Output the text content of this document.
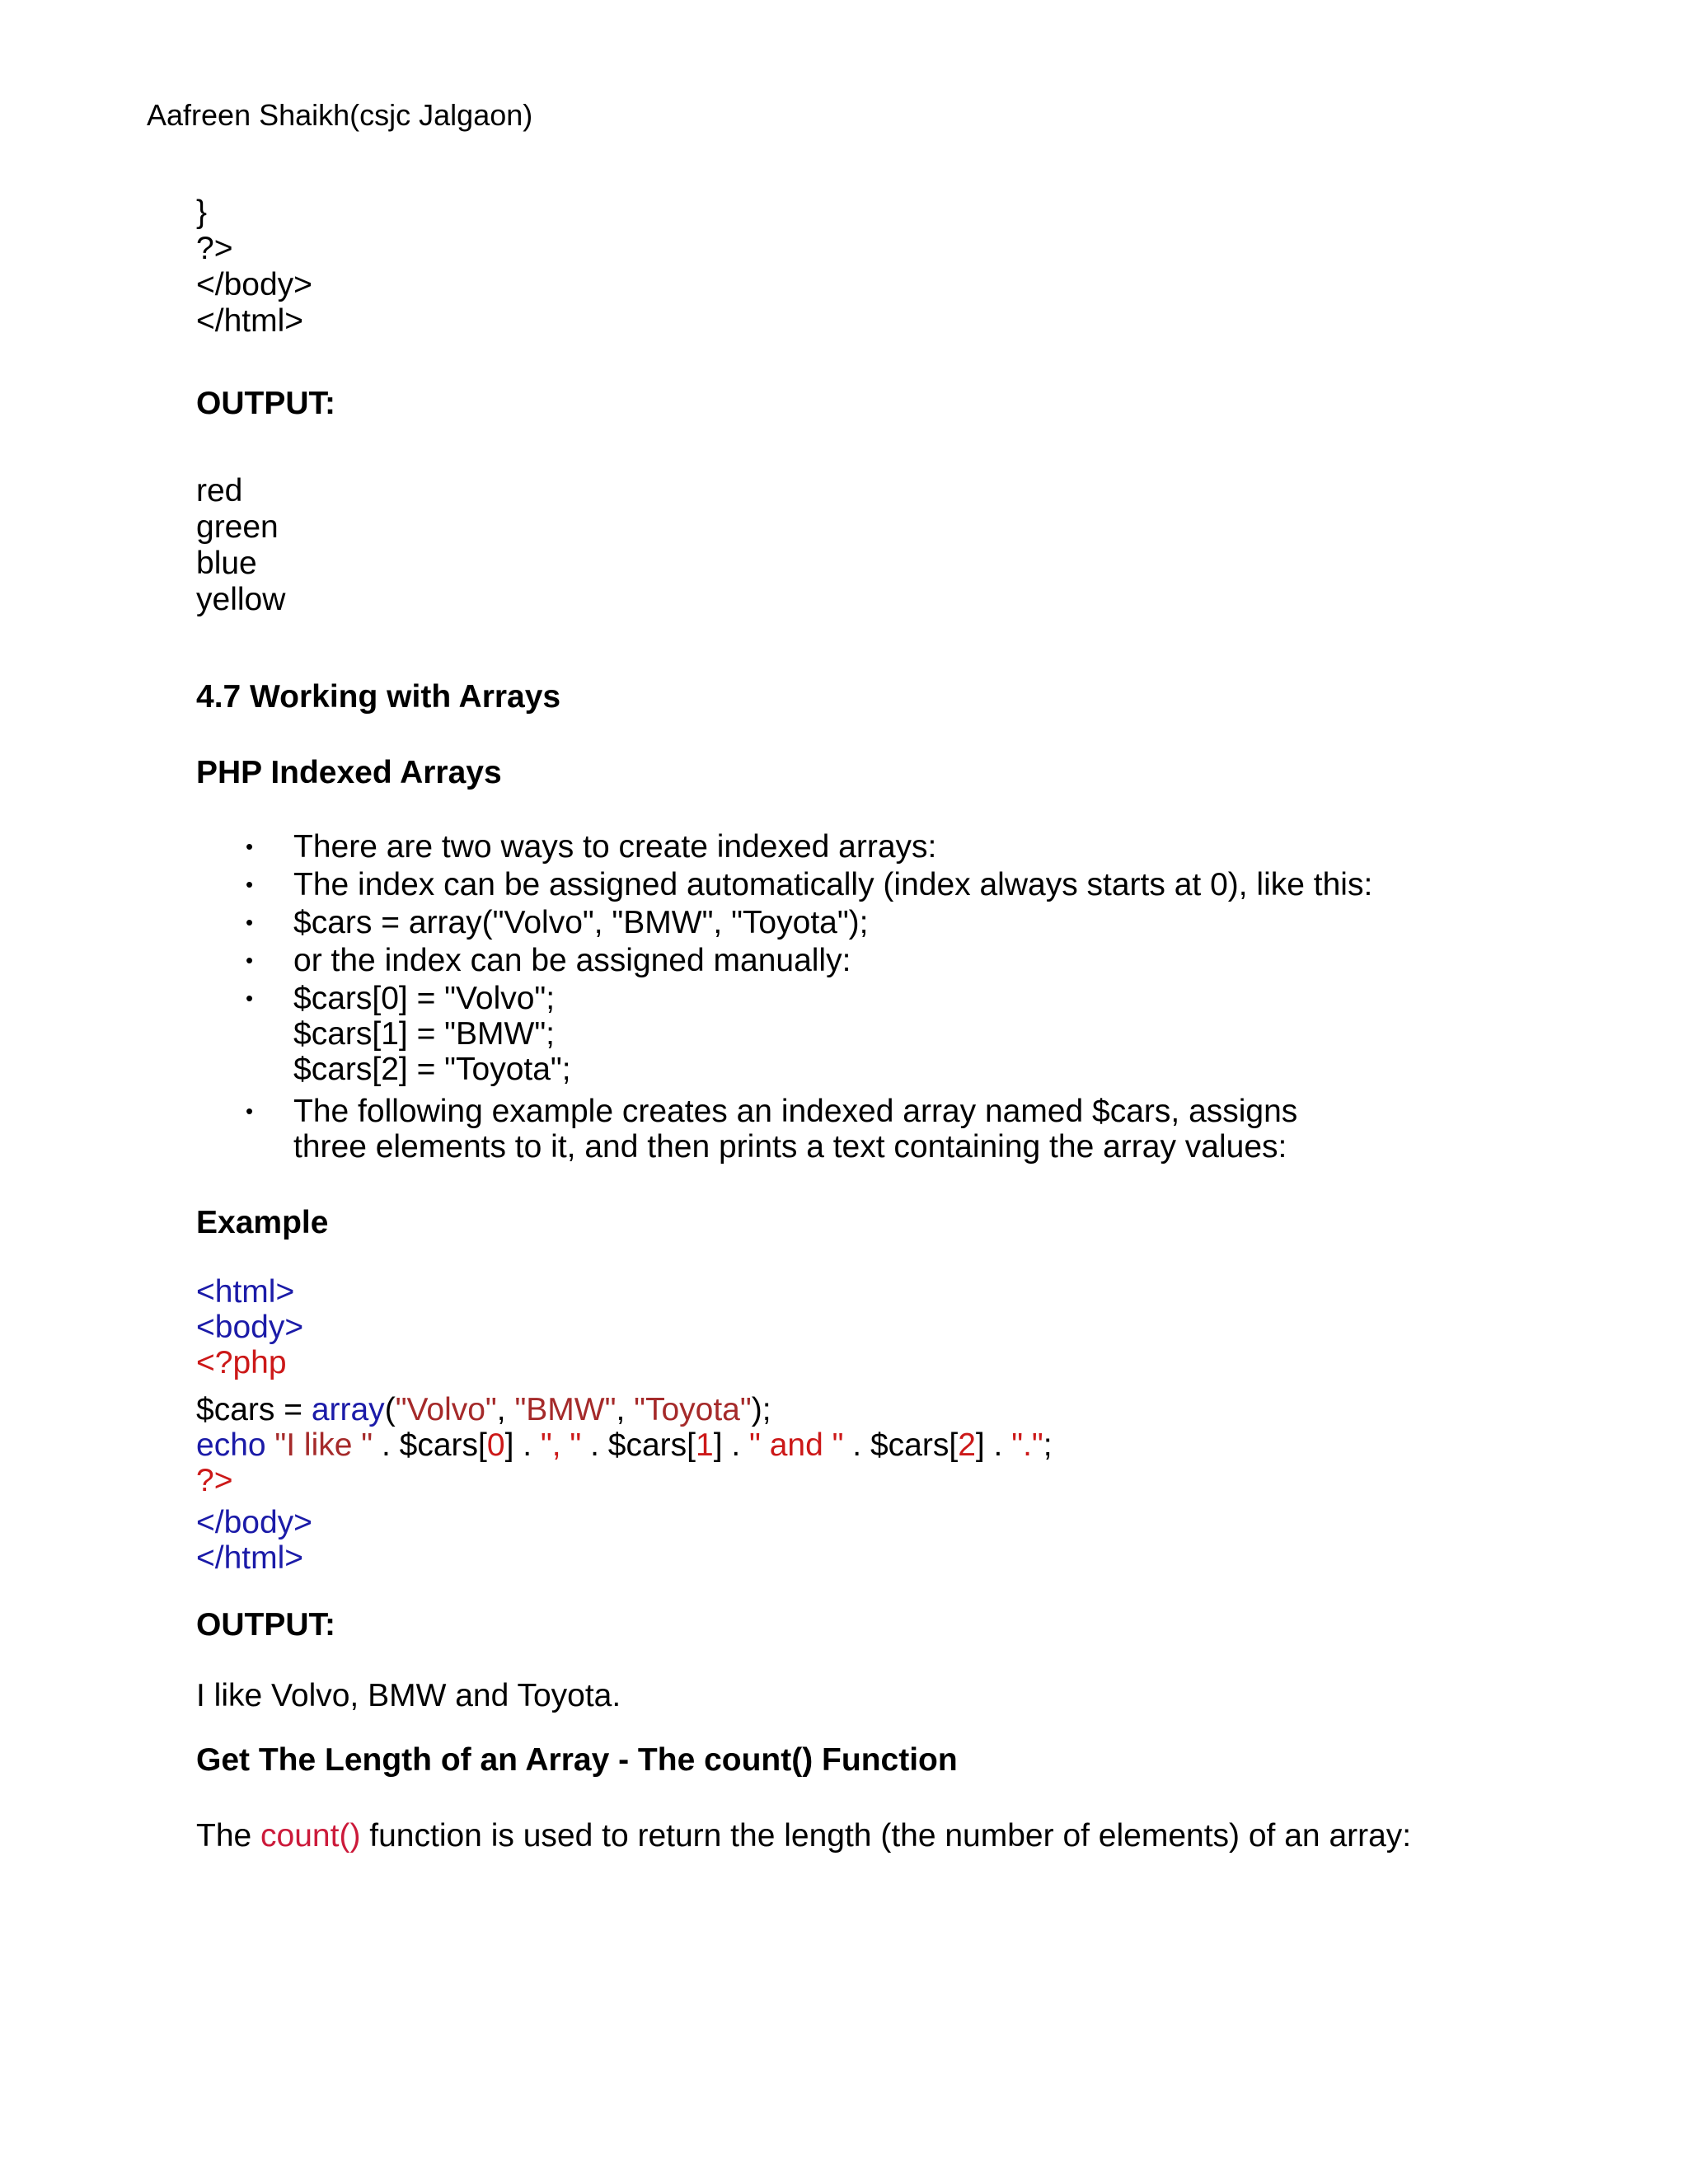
Aafreen Shaikh(csjc Jalgaon)
}
?>
</body>
</html>
OUTPUT:
red
green
blue
yellow
4.7 Working with Arrays
PHP Indexed Arrays
• There are two ways to create indexed arrays:
• The index can be assigned automatically (index always starts at 0), like this:
• $cars = array("Volvo", "BMW", "Toyota");
• or the index can be assigned manually:
• $cars[0] = "Volvo";
$cars[1] = "BMW";
$cars[2] = "Toyota";
• The following example creates an indexed array named $cars, assigns
three elements to it, and then prints a text containing the array values:
Example
<html>
<body>
<?php
$cars = array("Volvo", "BMW", "Toyota");
echo "I like " . $cars[0] . ", " . $cars[1] . " and " . $cars[2] . ".";
?>
</body>
</html>
OUTPUT:
I like Volvo, BMW and Toyota.
Get The Length of an Array - The count() Function
The count() function is used to return the length (the number of elements) of an array:
